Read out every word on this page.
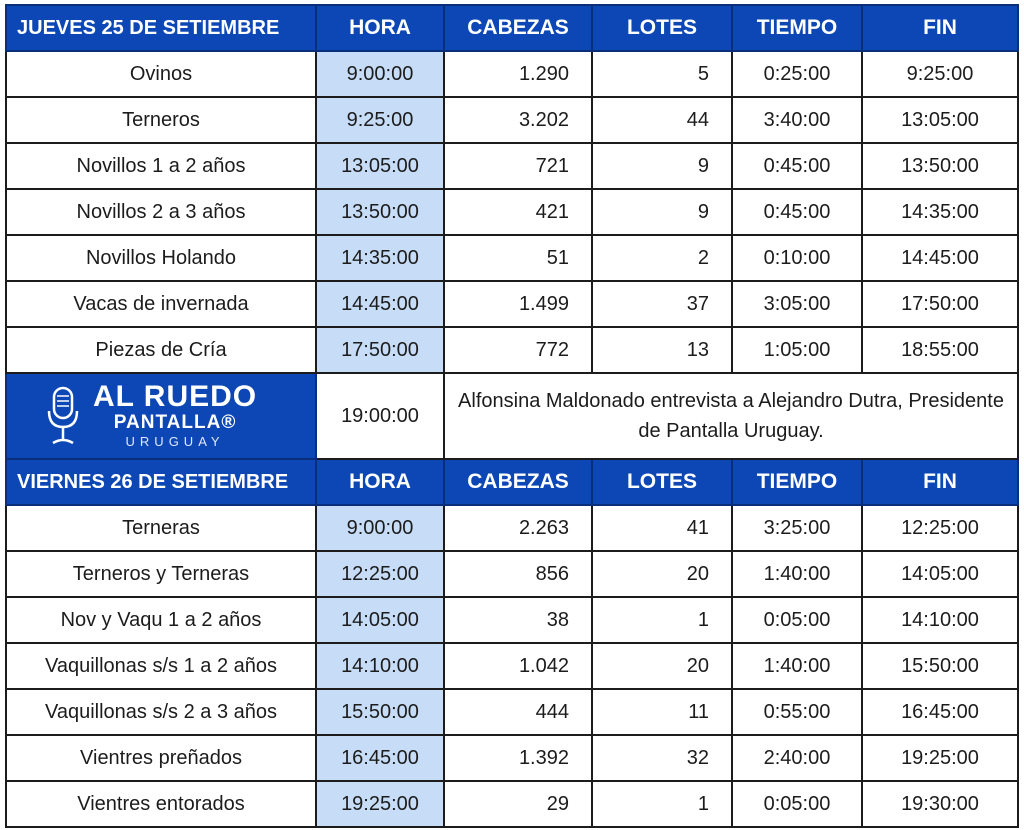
JUEVES 25 DE SETIEMBRE	HORA	CABEZAS	LOTES	TIEMPO	FIN
Ovinos	9:00:00	1.290	5	0:25:00	9:25:00
Terneros	9:25:00	3.202	44	3:40:00	13:05:00
Novillos 1 a 2 años	13:05:00	721	9	0:45:00	13:50:00
Novillos 2 a 3 años	13:50:00	421	9	0:45:00	14:35:00
Novillos Holando	14:35:00	51	2	0:10:00	14:45:00
Vacas de invernada	14:45:00	1.499	37	3:05:00	17:50:00
Piezas de Cría	17:50:00	772	13	1:05:00	18:55:00

AL RUEDO
PANTALLA®
URUGUAY	19:00:00	Alfonsina Maldonado entrevista a Alejandro Dutra, Presidente de Pantalla Uruguay.			
VIERNES 26 DE SETIEMBRE	HORA	CABEZAS	LOTES	TIEMPO	FIN
Terneras	9:00:00	2.263	41	3:25:00	12:25:00
Terneros y Terneras	12:25:00	856	20	1:40:00	14:05:00
Nov y Vaqu 1 a 2 años	14:05:00	38	1	0:05:00	14:10:00
Vaquillonas s/s 1 a 2 años	14:10:00	1.042	20	1:40:00	15:50:00
Vaquillonas s/s 2 a 3 años	15:50:00	444	11	0:55:00	16:45:00
Vientres preñados	16:45:00	1.392	32	2:40:00	19:25:00
Vientres entorados	19:25:00	29	1	0:05:00	19:30:00
